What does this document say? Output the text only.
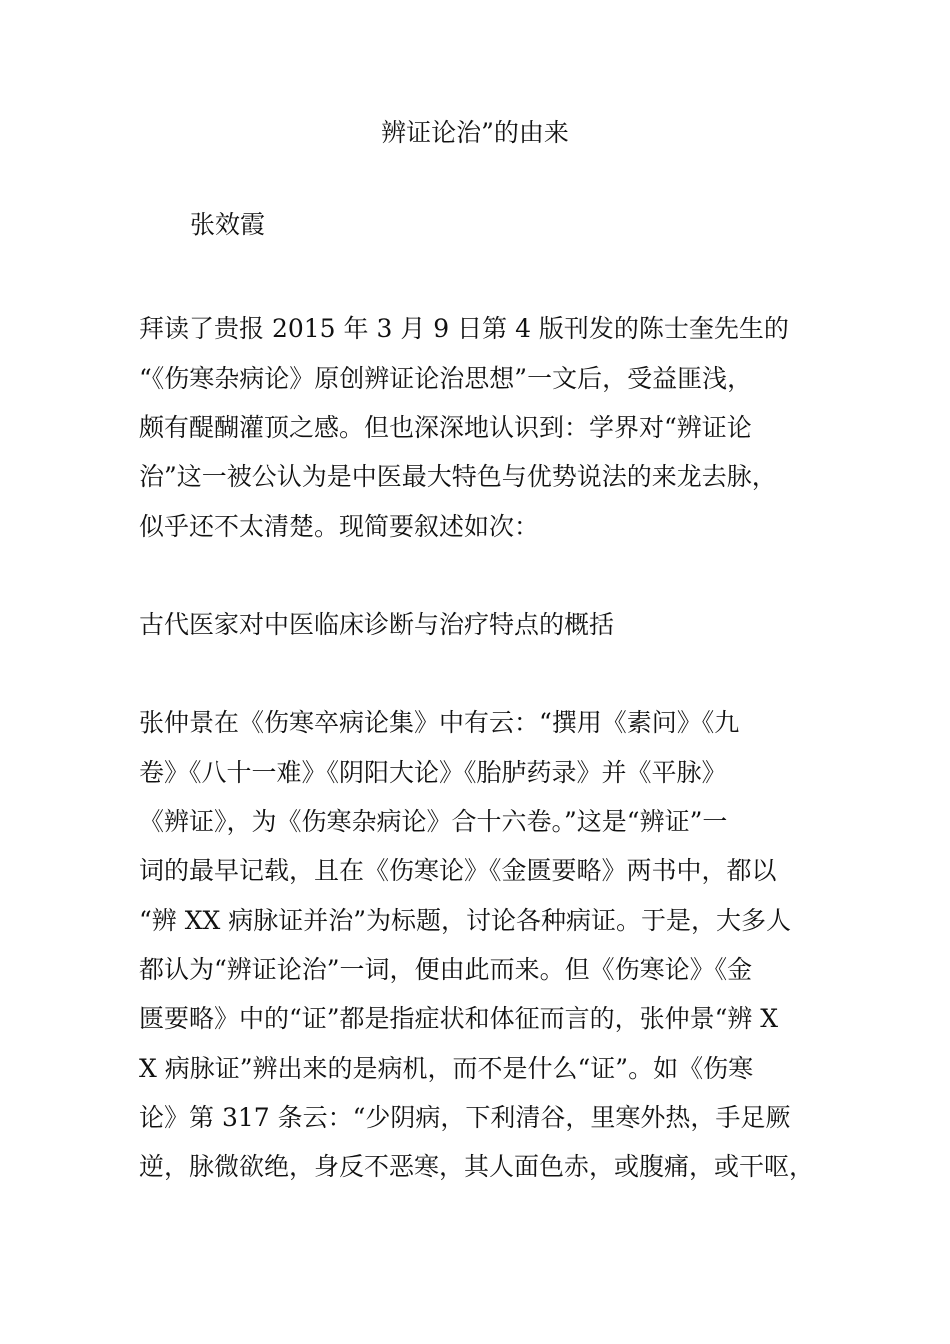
辨证论治”的由来
张效霞
拜读了贵报 2015 年 3 月 9 日第 4 版刊发的陈士奎先生的
“《伤寒杂病论》原创辨证论治思想”一文后，受益匪浅，
颇有醍醐灌顶之感。但也深深地认识到：学界对“辨证论
治”这一被公认为是中医最大特色与优势说法的来龙去脉，
似乎还不太清楚。现简要叙述如次：
古代医家对中医临床诊断与治疗特点的概括
张仲景在《伤寒卒病论集》中有云：“撰用《素问》《九
卷》《八十一难》《阴阳大论》《胎胪药录》并《平脉》
《辨证》，为《伤寒杂病论》合十六卷。”这是“辨证”一
词的最早记载，且在《伤寒论》《金匮要略》两书中，都以
“辨 XX 病脉证并治”为标题，讨论各种病证。于是，大多人
都认为“辨证论治”一词，便由此而来。但《伤寒论》《金
匮要略》中的“证”都是指症状和体征而言的，张仲景“辨 X
X 病脉证”辨出来的是病机，而不是什么“证”。如《伤寒
论》第 317 条云：“少阴病，下利清谷，里寒外热，手足厥
逆，脉微欲绝，身反不恶寒，其人面色赤，或腹痛，或干呕，
